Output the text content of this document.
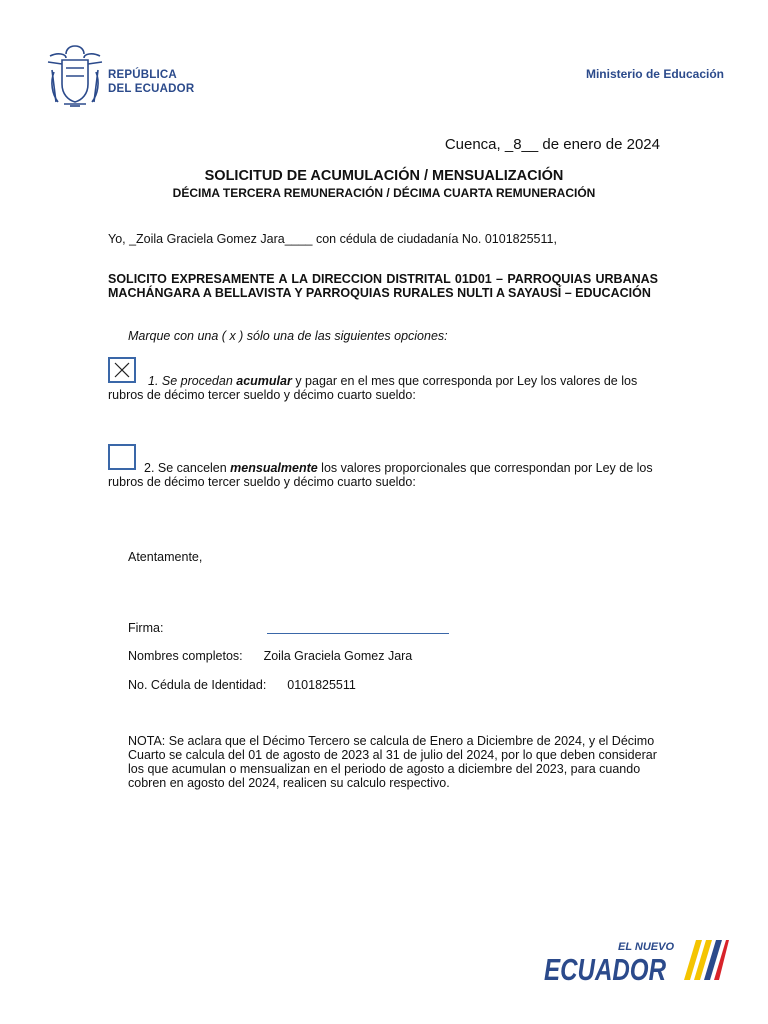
REPÚBLICA
DEL ECUADOR
Ministerio de Educación
Cuenca, _8__ de enero de 2024
SOLICITUD DE ACUMULACIÓN / MENSUALIZACIÓN
DÉCIMA TERCERA REMUNERACIÓN / DÉCIMA CUARTA REMUNERACIÓN
Yo, _Zoila Graciela Gomez Jara____ con cédula de ciudadanía No. 0101825511,
SOLICITO EXPRESAMENTE A LA DIRECCION DISTRITAL 01D01 – PARROQUIAS URBANAS MACHÁNGARA A BELLAVISTA Y PARROQUIAS RURALES NULTI A SAYAUSÍ – EDUCACIÓN
Marque con una ( x ) sólo una de las siguientes opciones:
1. Se procedan acumular y pagar en el mes que corresponda por Ley los valores de los rubros de décimo tercer sueldo y décimo cuarto sueldo:
2. Se cancelen mensualmente los valores proporcionales que correspondan por Ley de los rubros de décimo tercer sueldo y décimo cuarto sueldo:
Atentamente,
Firma:
Nombres completos: Zoila Graciela Gomez Jara
No. Cédula de Identidad: 0101825511
NOTA: Se aclara que el Décimo Tercero se calcula de Enero a Diciembre de 2024, y el Décimo Cuarto se calcula del 01 de agosto de 2023 al 31 de julio del 2024, por lo que deben considerar los que acumulan o mensualizan en el periodo de agosto a diciembre del 2023, para cuando cobren en agosto del 2024, realicen su calculo respectivo.
EL NUEVO
ECUADOR
